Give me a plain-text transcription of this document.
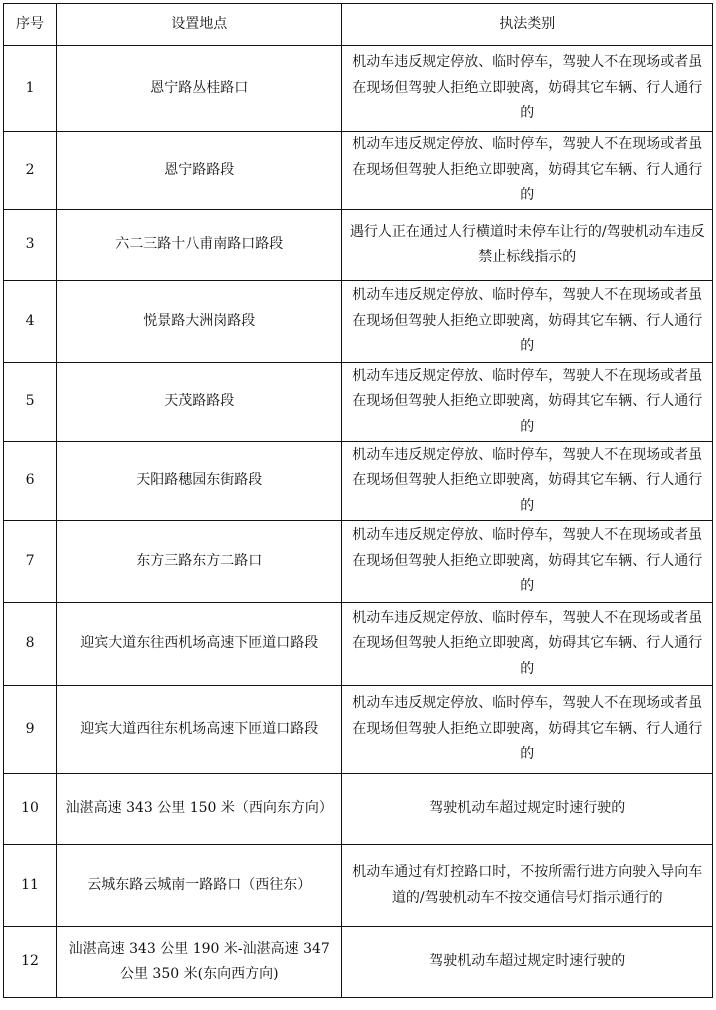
序号	设置地点	执法类别
1	恩宁路丛桂路口	机动车违反规定停放、临时停车，驾驶人不在现场或者虽在现场但驾驶人拒绝立即驶离，妨碍其它车辆、行人通行的
2	恩宁路路段	机动车违反规定停放、临时停车，驾驶人不在现场或者虽在现场但驾驶人拒绝立即驶离，妨碍其它车辆、行人通行的
3	六二三路十八甫南路口路段	遇行人正在通过人行横道时未停车让行的/驾驶机动车违反禁止标线指示的
4	悦景路大洲岗路段	机动车违反规定停放、临时停车，驾驶人不在现场或者虽在现场但驾驶人拒绝立即驶离，妨碍其它车辆、行人通行的
5	天茂路路段	机动车违反规定停放、临时停车，驾驶人不在现场或者虽在现场但驾驶人拒绝立即驶离，妨碍其它车辆、行人通行的
6	天阳路穗园东街路段	机动车违反规定停放、临时停车，驾驶人不在现场或者虽在现场但驾驶人拒绝立即驶离，妨碍其它车辆、行人通行的
7	东方三路东方二路口	机动车违反规定停放、临时停车，驾驶人不在现场或者虽在现场但驾驶人拒绝立即驶离，妨碍其它车辆、行人通行的
8	迎宾大道东往西机场高速下匝道口路段	机动车违反规定停放、临时停车，驾驶人不在现场或者虽在现场但驾驶人拒绝立即驶离，妨碍其它车辆、行人通行的
9	迎宾大道西往东机场高速下匝道口路段	机动车违反规定停放、临时停车，驾驶人不在现场或者虽在现场但驾驶人拒绝立即驶离，妨碍其它车辆、行人通行的
10	汕湛高速 343 公里 150 米（西向东方向）	驾驶机动车超过规定时速行驶的
11	云城东路云城南一路路口（西往东）	机动车通过有灯控路口时，不按所需行进方向驶入导向车道的/驾驶机动车不按交通信号灯指示通行的
12	汕湛高速 343 公里 190 米-汕湛高速 347 公里 350 米(东向西方向)	驾驶机动车超过规定时速行驶的
